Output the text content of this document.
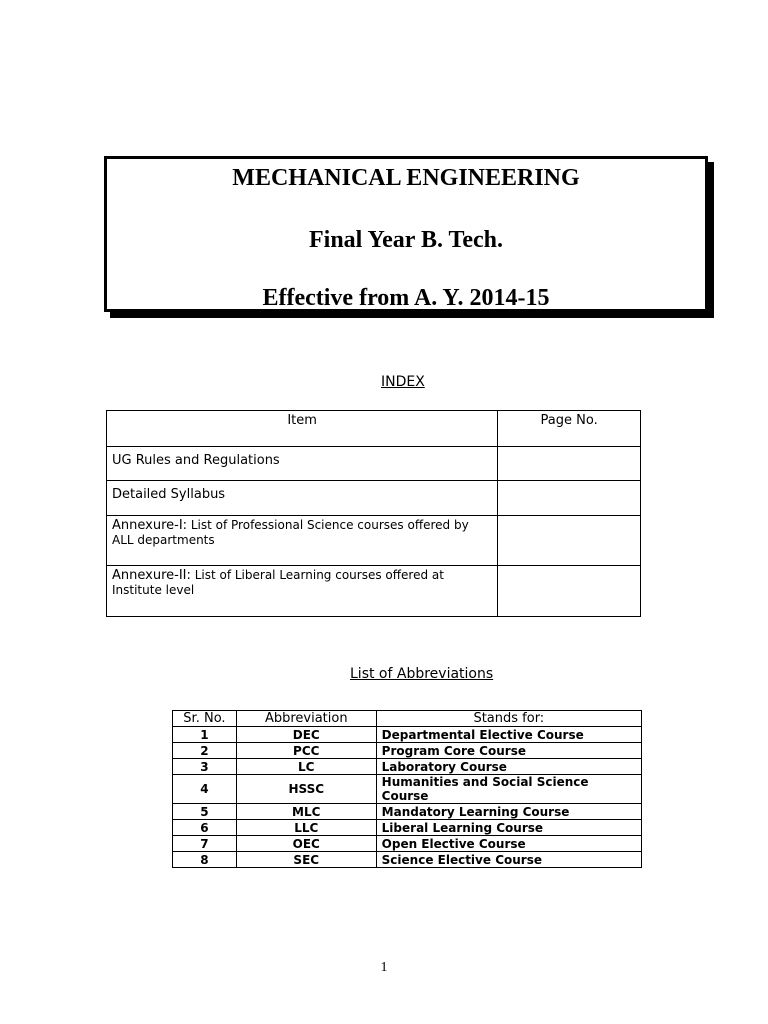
MECHANICAL ENGINEERING
Final Year B. Tech.
Effective from A. Y. 2014-15
INDEX
Item	Page No.
UG Rules and Regulations	
Detailed Syllabus	
Annexure-I: List of Professional Science courses offered by ALL departments	
Annexure-II: List of Liberal Learning courses offered at Institute level	
List of Abbreviations
Sr. No.	Abbreviation	Stands for:
1	DEC	Departmental Elective Course
2	PCC	Program Core Course
3	LC	Laboratory Course
4	HSSC	Humanities and Social Science Course
5	MLC	Mandatory Learning Course
6	LLC	Liberal Learning Course
7	OEC	Open Elective Course
8	SEC	Science Elective Course
1
